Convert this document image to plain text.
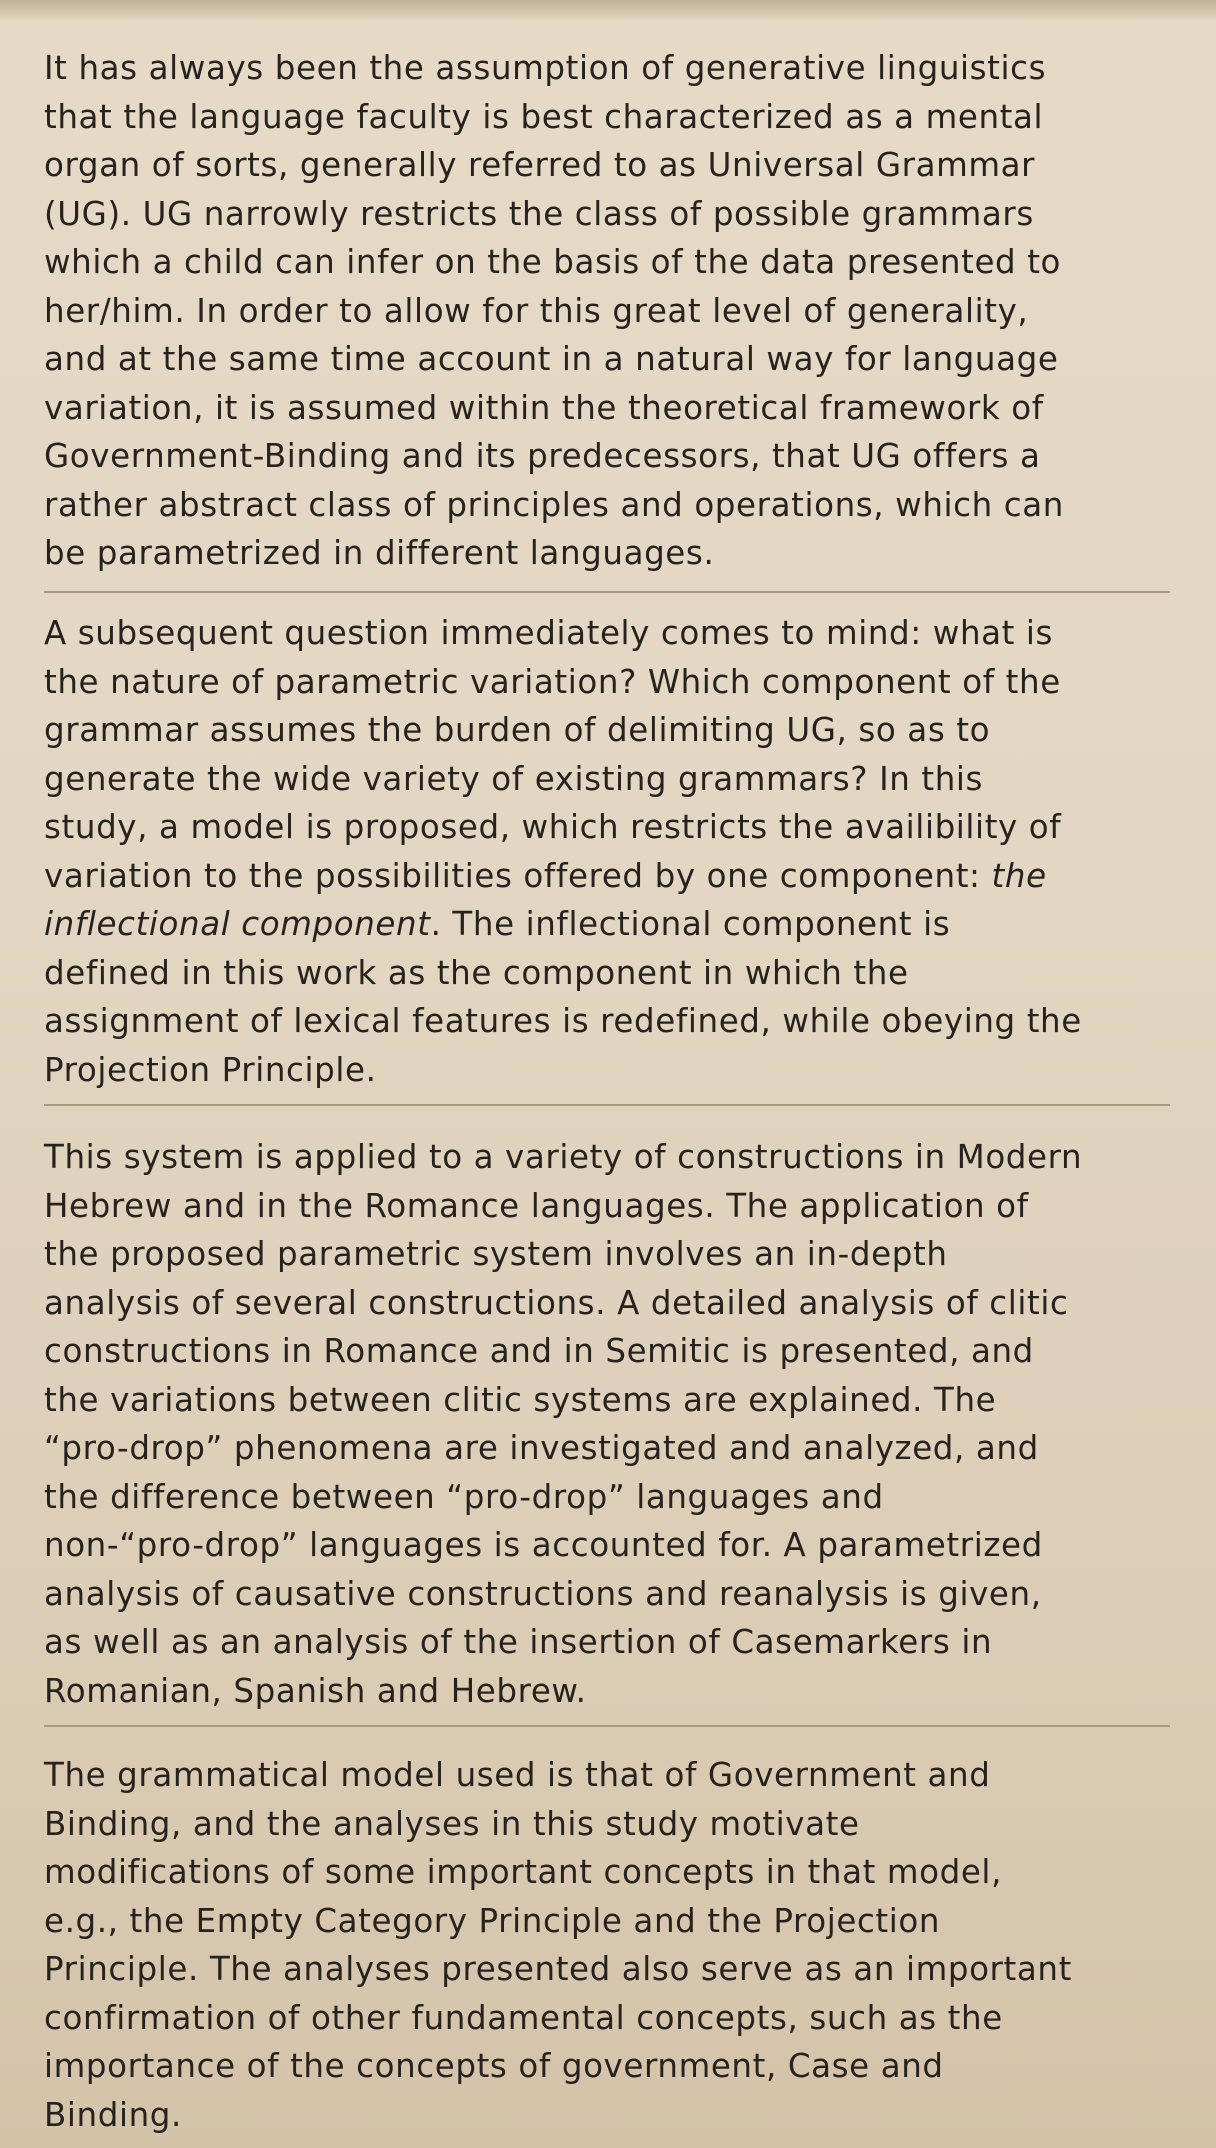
It has always been the assumption of generative linguistics
that the language faculty is best characterized as a mental
organ of sorts, generally referred to as Universal Grammar
(UG). UG narrowly restricts the class of possible grammars
which a child can infer on the basis of the data presented to
her/him. In order to allow for this great level of generality,
and at the same time account in a natural way for language
variation, it is assumed within the theoretical framework of
Government-Binding and its predecessors, that UG offers a
rather abstract class of principles and operations, which can
be parametrized in different languages.
A subsequent question immediately comes to mind: what is
the nature of parametric variation? Which component of the
grammar assumes the burden of delimiting UG, so as to
generate the wide variety of existing grammars? In this
study, a model is proposed, which restricts the availibility of
variation to the possibilities offered by one component: the
inflectional component. The inflectional component is
defined in this work as the component in which the
assignment of lexical features is redefined, while obeying the
Projection Principle.
This system is applied to a variety of constructions in Modern
Hebrew and in the Romance languages. The application of
the proposed parametric system involves an in-depth
analysis of several constructions. A detailed analysis of clitic
constructions in Romance and in Semitic is presented, and
the variations between clitic systems are explained. The
“pro-drop” phenomena are investigated and analyzed, and
the difference between “pro-drop” languages and
non-“pro-drop” languages is accounted for. A parametrized
analysis of causative constructions and reanalysis is given,
as well as an analysis of the insertion of Casemarkers in
Romanian, Spanish and Hebrew.
The grammatical model used is that of Government and
Binding, and the analyses in this study motivate
modifications of some important concepts in that model,
e.g., the Empty Category Principle and the Projection
Principle. The analyses presented also serve as an important
confirmation of other fundamental concepts, such as the
importance of the concepts of government, Case and
Binding.
